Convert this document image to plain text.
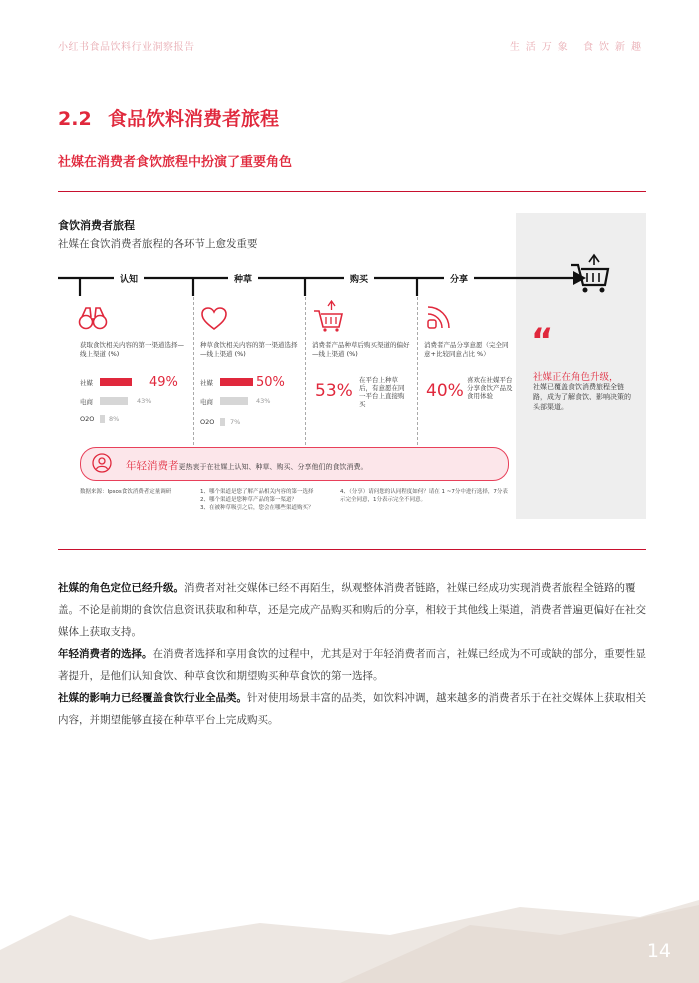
小红书食品饮料行业洞察报告	生活万象 食饮新趣
2.2 食品饮料消费者旅程
社媒在消费者食饮旅程中扮演了重要角色
“
社媒正在角色升级，
社媒已覆盖食饮消费旅程全链路，成为了解食饮、影响决策的头部渠道。
食饮消费者旅程
社媒在食饮消费者旅程的各环节上愈发重要
认知	种草	购买	分享
获取食饮相关内容的第一渠道选择—线上渠道 (%)
社媒	49%
电商	43%
O2O 8%
种草食饮相关内容的第一渠道选择—线上渠道 (%)
社媒	50%
电商	43%
O2O 7%
消费者产品种草后购买渠道的偏好—线上渠道 (%)
53%
在平台上种草后，有意愿在同一平台上直接购买
消费者产品分享意愿（完全同意+比较同意占比 %）
40%
喜欢在社媒平台分享食饮产品及食用体验
年轻消费者更热衷于在社媒上认知、种草、购买、分享他们的食饮消费。
数据来源：Ipsos食饮消费者定量调研	1、哪个渠道是您了解产品相关内容的第一选择
2、哪个渠道是您种草产品的第一渠道？
3、在被种草吸引之后，您会在哪些渠道购买？
4、（分享）请问您的认同程度如何？请在 1 ~7分中进行选择，7分表示完全同意，1分表示完全不同意。
社媒的角色定位已经升级。消费者对社交媒体已经不再陌生，纵观整体消费者链路，社媒已经成功实现消费者旅程全链路的覆盖。不论是前期的食饮信息资讯获取和种草，还是完成产品购买和购后的分享，相较于其他线上渠道，消费者普遍更偏好在社交媒体上获取支持。
年轻消费者的选择。在消费者选择和享用食饮的过程中，尤其是对于年轻消费者而言，社媒已经成为不可或缺的部分，重要性显著提升，是他们认知食饮、种草食饮和期望购买种草食饮的第一选择。
社媒的影响力已经覆盖食饮行业全品类。针对使用场景丰富的品类，如饮料冲调，越来越多的消费者乐于在社交媒体上获取相关内容，并期望能够直接在种草平台上完成购买。
14
